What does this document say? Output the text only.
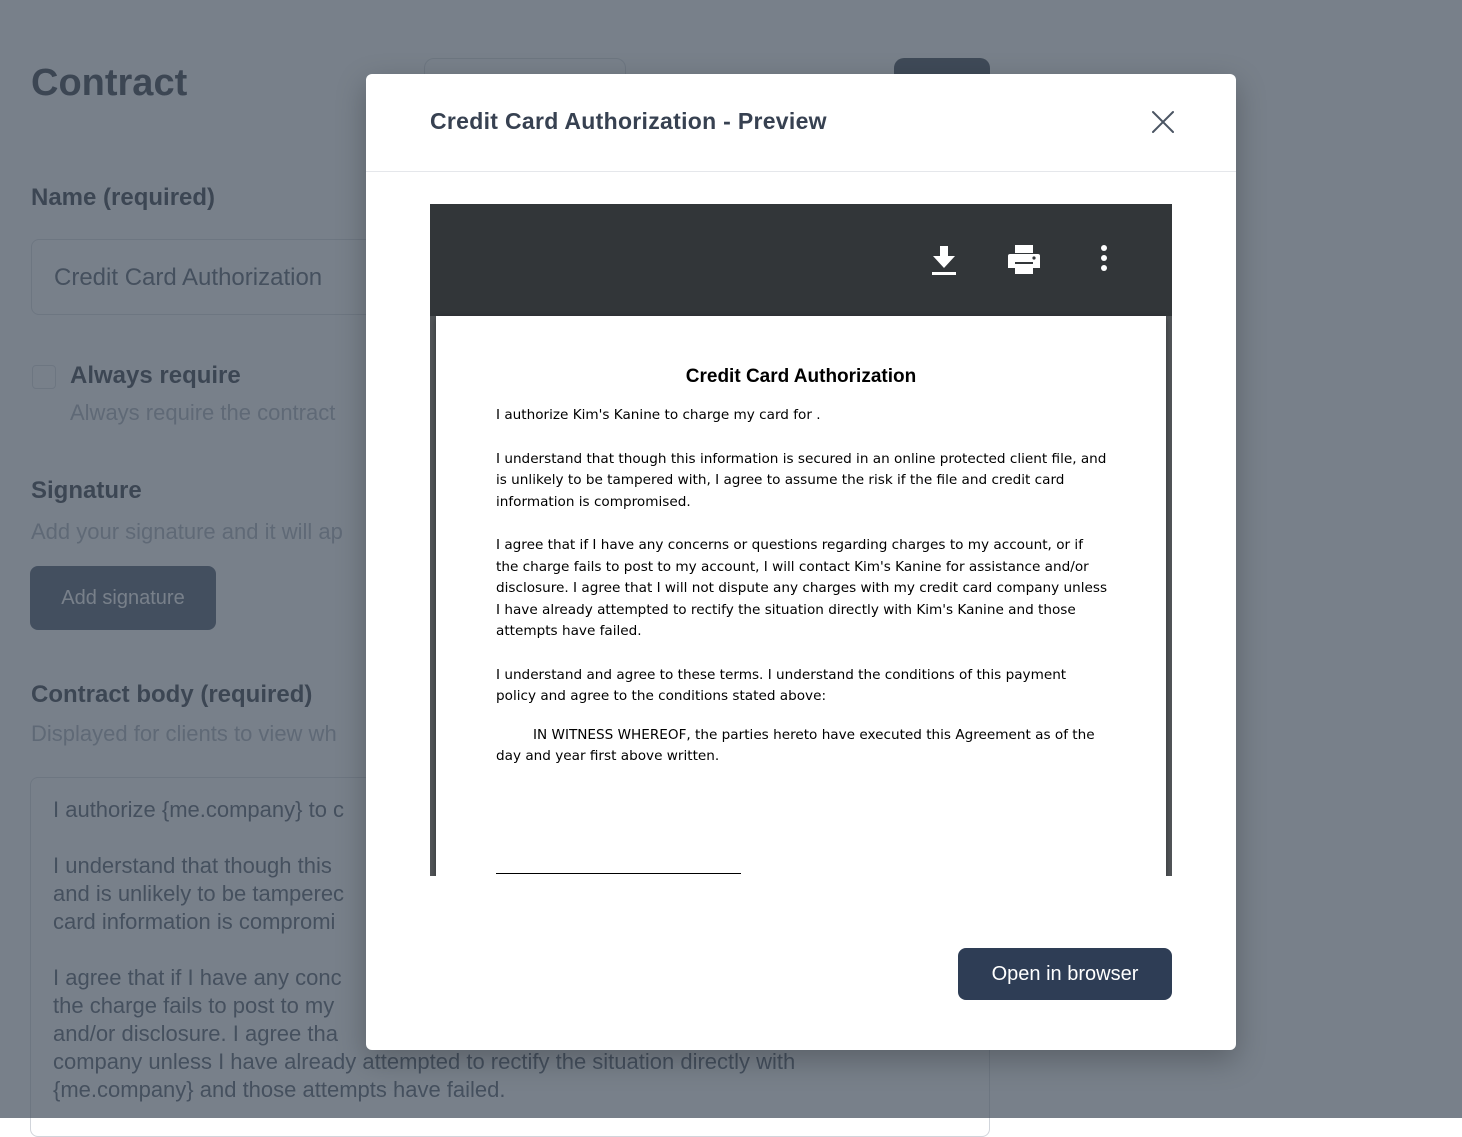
Credit Card Authorization - Preview
Credit Card Authorization

I authorize Kim's Kanine to charge my card for .

I understand that though this information is secured in an online protected client file, and is unlikely to be tampered with, I agree to assume the risk if the file and credit card information is compromised.

I agree that if I have any concerns or questions regarding charges to my account, or if the charge fails to post to my account, I will contact Kim's Kanine for assistance and/or disclosure. I agree that I will not dispute any charges with my credit card company unless I have already attempted to rectify the situation directly with Kim's Kanine and those attempts have failed.

I understand and agree to these terms. I understand the conditions of this payment policy and agree to the conditions stated above:

IN WITNESS WHEREOF, the parties hereto have executed this Agreement as of the day and year first above written.

Open in browser
